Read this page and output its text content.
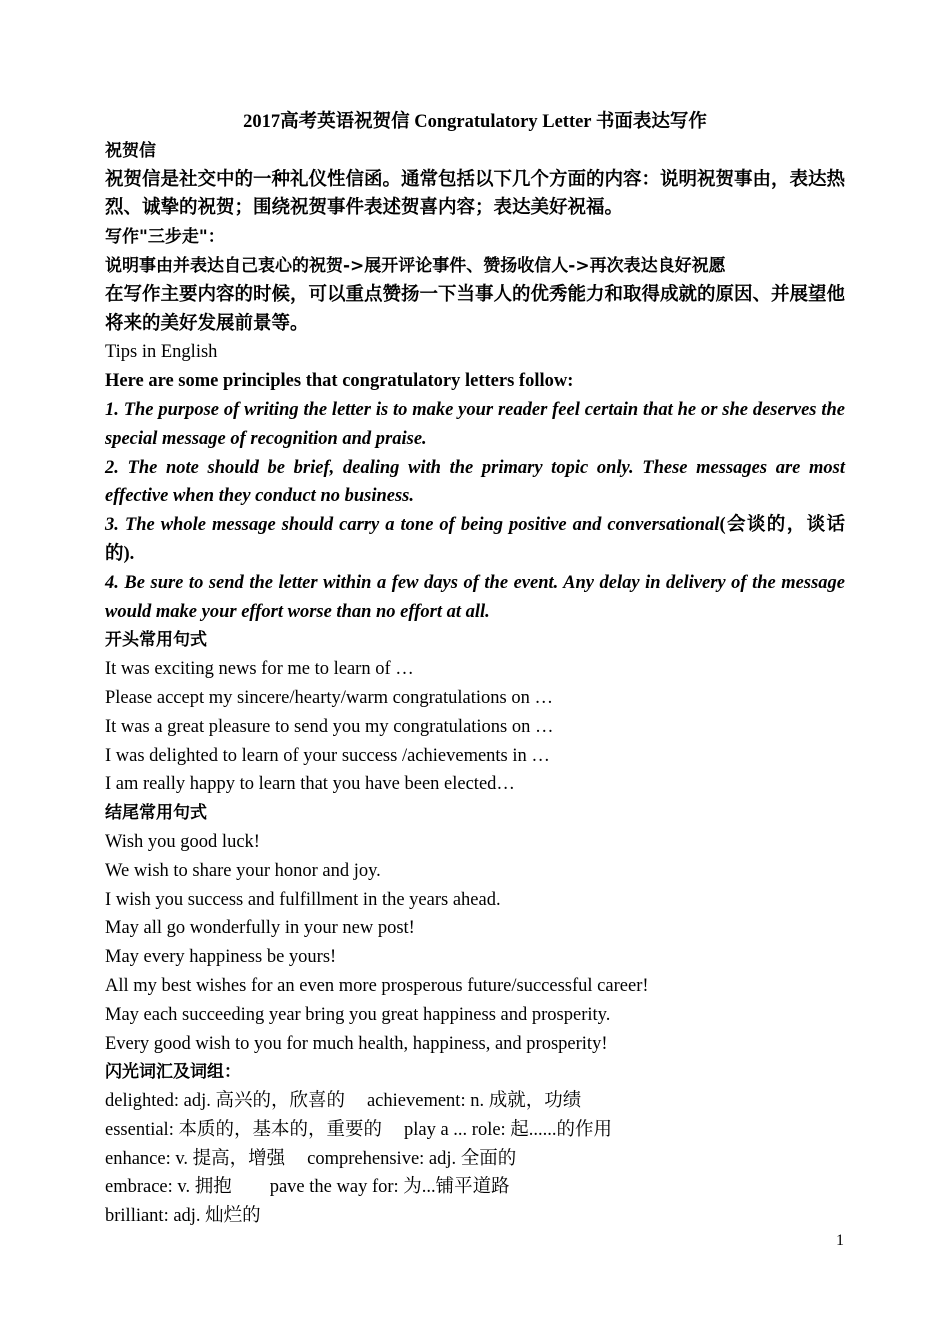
2017高考英语祝贺信 Congratulatory Letter 书面表达写作
祝贺信
祝贺信是社交中的一种礼仪性信函。通常包括以下几个方面的内容：说明祝贺事由，表达热烈、诚挚的祝贺；围绕祝贺事件表述贺喜内容；表达美好祝福。
写作"三步走"：
说明事由并表达自己衷心的祝贺->展开评论事件、赞扬收信人->再次表达良好祝愿
在写作主要内容的时候，可以重点赞扬一下当事人的优秀能力和取得成就的原因、并展望他将来的美好发展前景等。
Tips in English
Here are some principles that congratulatory letters follow:
1. The purpose of writing the letter is to make your reader feel certain that he or she deserves the special message of recognition and praise.
2. The note should be brief, dealing with the primary topic only. These messages are most effective when they conduct no business.
3. The whole message should carry a tone of being positive and conversational(会谈的，谈话的).
4. Be sure to send the letter within a few days of the event. Any delay in delivery of the message would make your effort worse than no effort at all.
开头常用句式
It was exciting news for me to learn of …
Please accept my sincere/hearty/warm congratulations on …
It was a great pleasure to send you my congratulations on …
I was delighted to learn of your success /achievements in …
I am really happy to learn that you have been elected…
结尾常用句式
Wish you good luck!
We wish to share your honor and joy.
I wish you success and fulfillment in the years ahead.
May all go wonderfully in your new post!
May every happiness be yours!
All my best wishes for an even more prosperous future/successful career!
May each succeeding year bring you great happiness and prosperity.
Every good wish to you for much health, happiness, and prosperity!
闪光词汇及词组：
delighted: adj. 高兴的，欣喜的 achievement: n. 成就，功绩
essential: 本质的，基本的，重要的 play a ... role: 起......的作用
enhance: v. 提高，增强 comprehensive: adj. 全面的
embrace: v. 拥抱 pave the way for: 为...铺平道路
brilliant: adj. 灿烂的
1
